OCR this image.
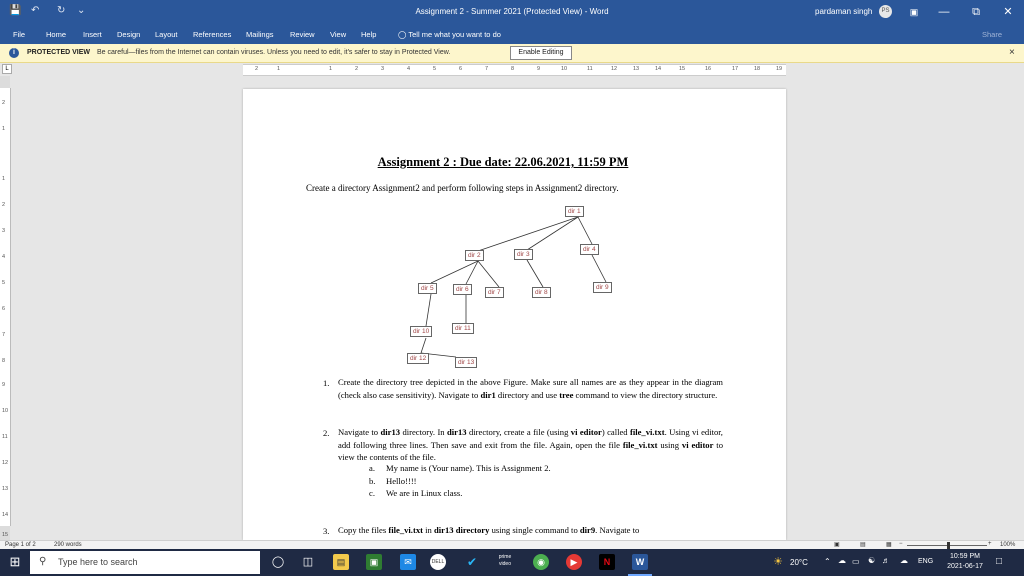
💾 ↶ ↻ ⌄	Assignment 2 - Summer 2021 (Protected View) - Word	pardaman singh	PS	▣	—	⧉	✕
File	Home Insert Design Layout References Mailings Review View Help	◯ Tell me what you want to do	Share
i	PROTECTED VIEW Be careful—files from the Internet can contain viruses. Unless you need to edit, it's safer to stay in Protected View.	Enable Editing	×
L	2	1	1	2	3	4	5	6	7	8	9	10	11	12	13	14	15	16	17	18	19
2
1
1
2
3
4
5
6
7
8
9
10
11
12
13
14
15
Assignment 2 : Due date: 22.06.2021, 11:59 PM
Create a directory Assignment2 and perform following steps in Assignment2 directory.
dir 1
dir 2	dir 3
dir 4
dir 5	dir 6	dir 7	dir 8
dir 9
dir 10	dir 11
dir 12
dir 13
1. Create the directory tree depicted in the above Figure. Make sure all names are as they appear in the diagram (check also case sensitivity). Navigate to dir1 directory and use tree command to view the directory structure.
2. Navigate to dir13 directory. In dir13 directory, create a file (using vi editor) called file_vi.txt. Using vi editor, add following three lines. Then save and exit from the file. Again, open the file file_vi.txt using vi editor to view the contents of the file.
a. My name is (Your name). This is Assignment 2.
b. Hello!!!!
c. We are in Linux class.
3. Copy the files file_vi.txt in dir13 directory using single command to dir9. Navigate to
Page 1 of 2	290 words	▣	▤	▦ −	+ 100%
⊞ ⚲ Type here to search	◯ ◫	▤	▣	✉	DELL ✔	prime video	◉	▶	N	W	☀ 20°C ⌃ ☁ ▭ ☯ ♬ ☁ ENG
10:59 PM
2021-06-17	□
